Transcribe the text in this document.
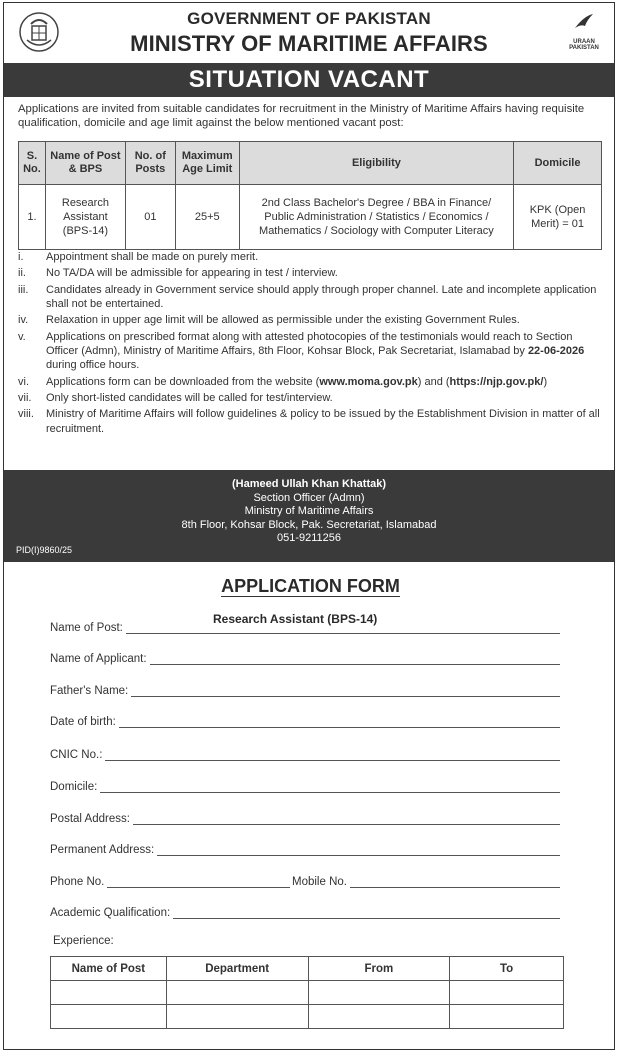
GOVERNMENT OF PAKISTAN
MINISTRY OF MARITIME AFFAIRS	URAAN PAKISTAN
SITUATION VACANT
Applications are invited from suitable candidates for recruitment in the Ministry of Maritime Affairs having requisite qualification, domicile and age limit against the below mentioned vacant post:
S. No.	Name of Post & BPS	No. of Posts	Maximum Age Limit	Eligibility	Domicile
1.	Research Assistant (BPS-14)	01	25+5	2nd Class Bachelor's Degree / BBA in Finance/ Public Administration / Statistics / Economics / Mathematics / Sociology with Computer Literacy	KPK (Open Merit) = 01
i. Appointment shall be made on purely merit.
ii. No TA/DA will be admissible for appearing in test / interview.
iii. Candidates already in Government service should apply through proper channel. Late and incomplete application shall not be entertained.
iv. Relaxation in upper age limit will be allowed as permissible under the existing Government Rules.
v. Applications on prescribed format along with attested photocopies of the testimonials would reach to Section Officer (Admn), Ministry of Maritime Affairs, 8th Floor, Kohsar Block, Pak Secretariat, Islamabad by 22-06-2026 during office hours.
vi. Applications form can be downloaded from the website (www.moma.gov.pk) and (https://njp.gov.pk/)
vii. Only short-listed candidates will be called for test/interview.
viii. Ministry of Maritime Affairs will follow guidelines & policy to be issued by the Establishment Division in matter of all recruitment.
(Hameed Ullah Khan Khattak)
Section Officer (Admn)
Ministry of Maritime Affairs
8th Floor, Kohsar Block, Pak. Secretariat, Islamabad
051-9211256
PID(I)9860/25
APPLICATION FORM
Research Assistant (BPS-14)
Name of Post:
Name of Applicant:
Father's Name:
Date of birth:
CNIC No.:
Domicile:
Postal Address:
Permanent Address:
Phone No.	Mobile No.
Academic Qualification:
Experience:
Name of Post	Department	From	To
